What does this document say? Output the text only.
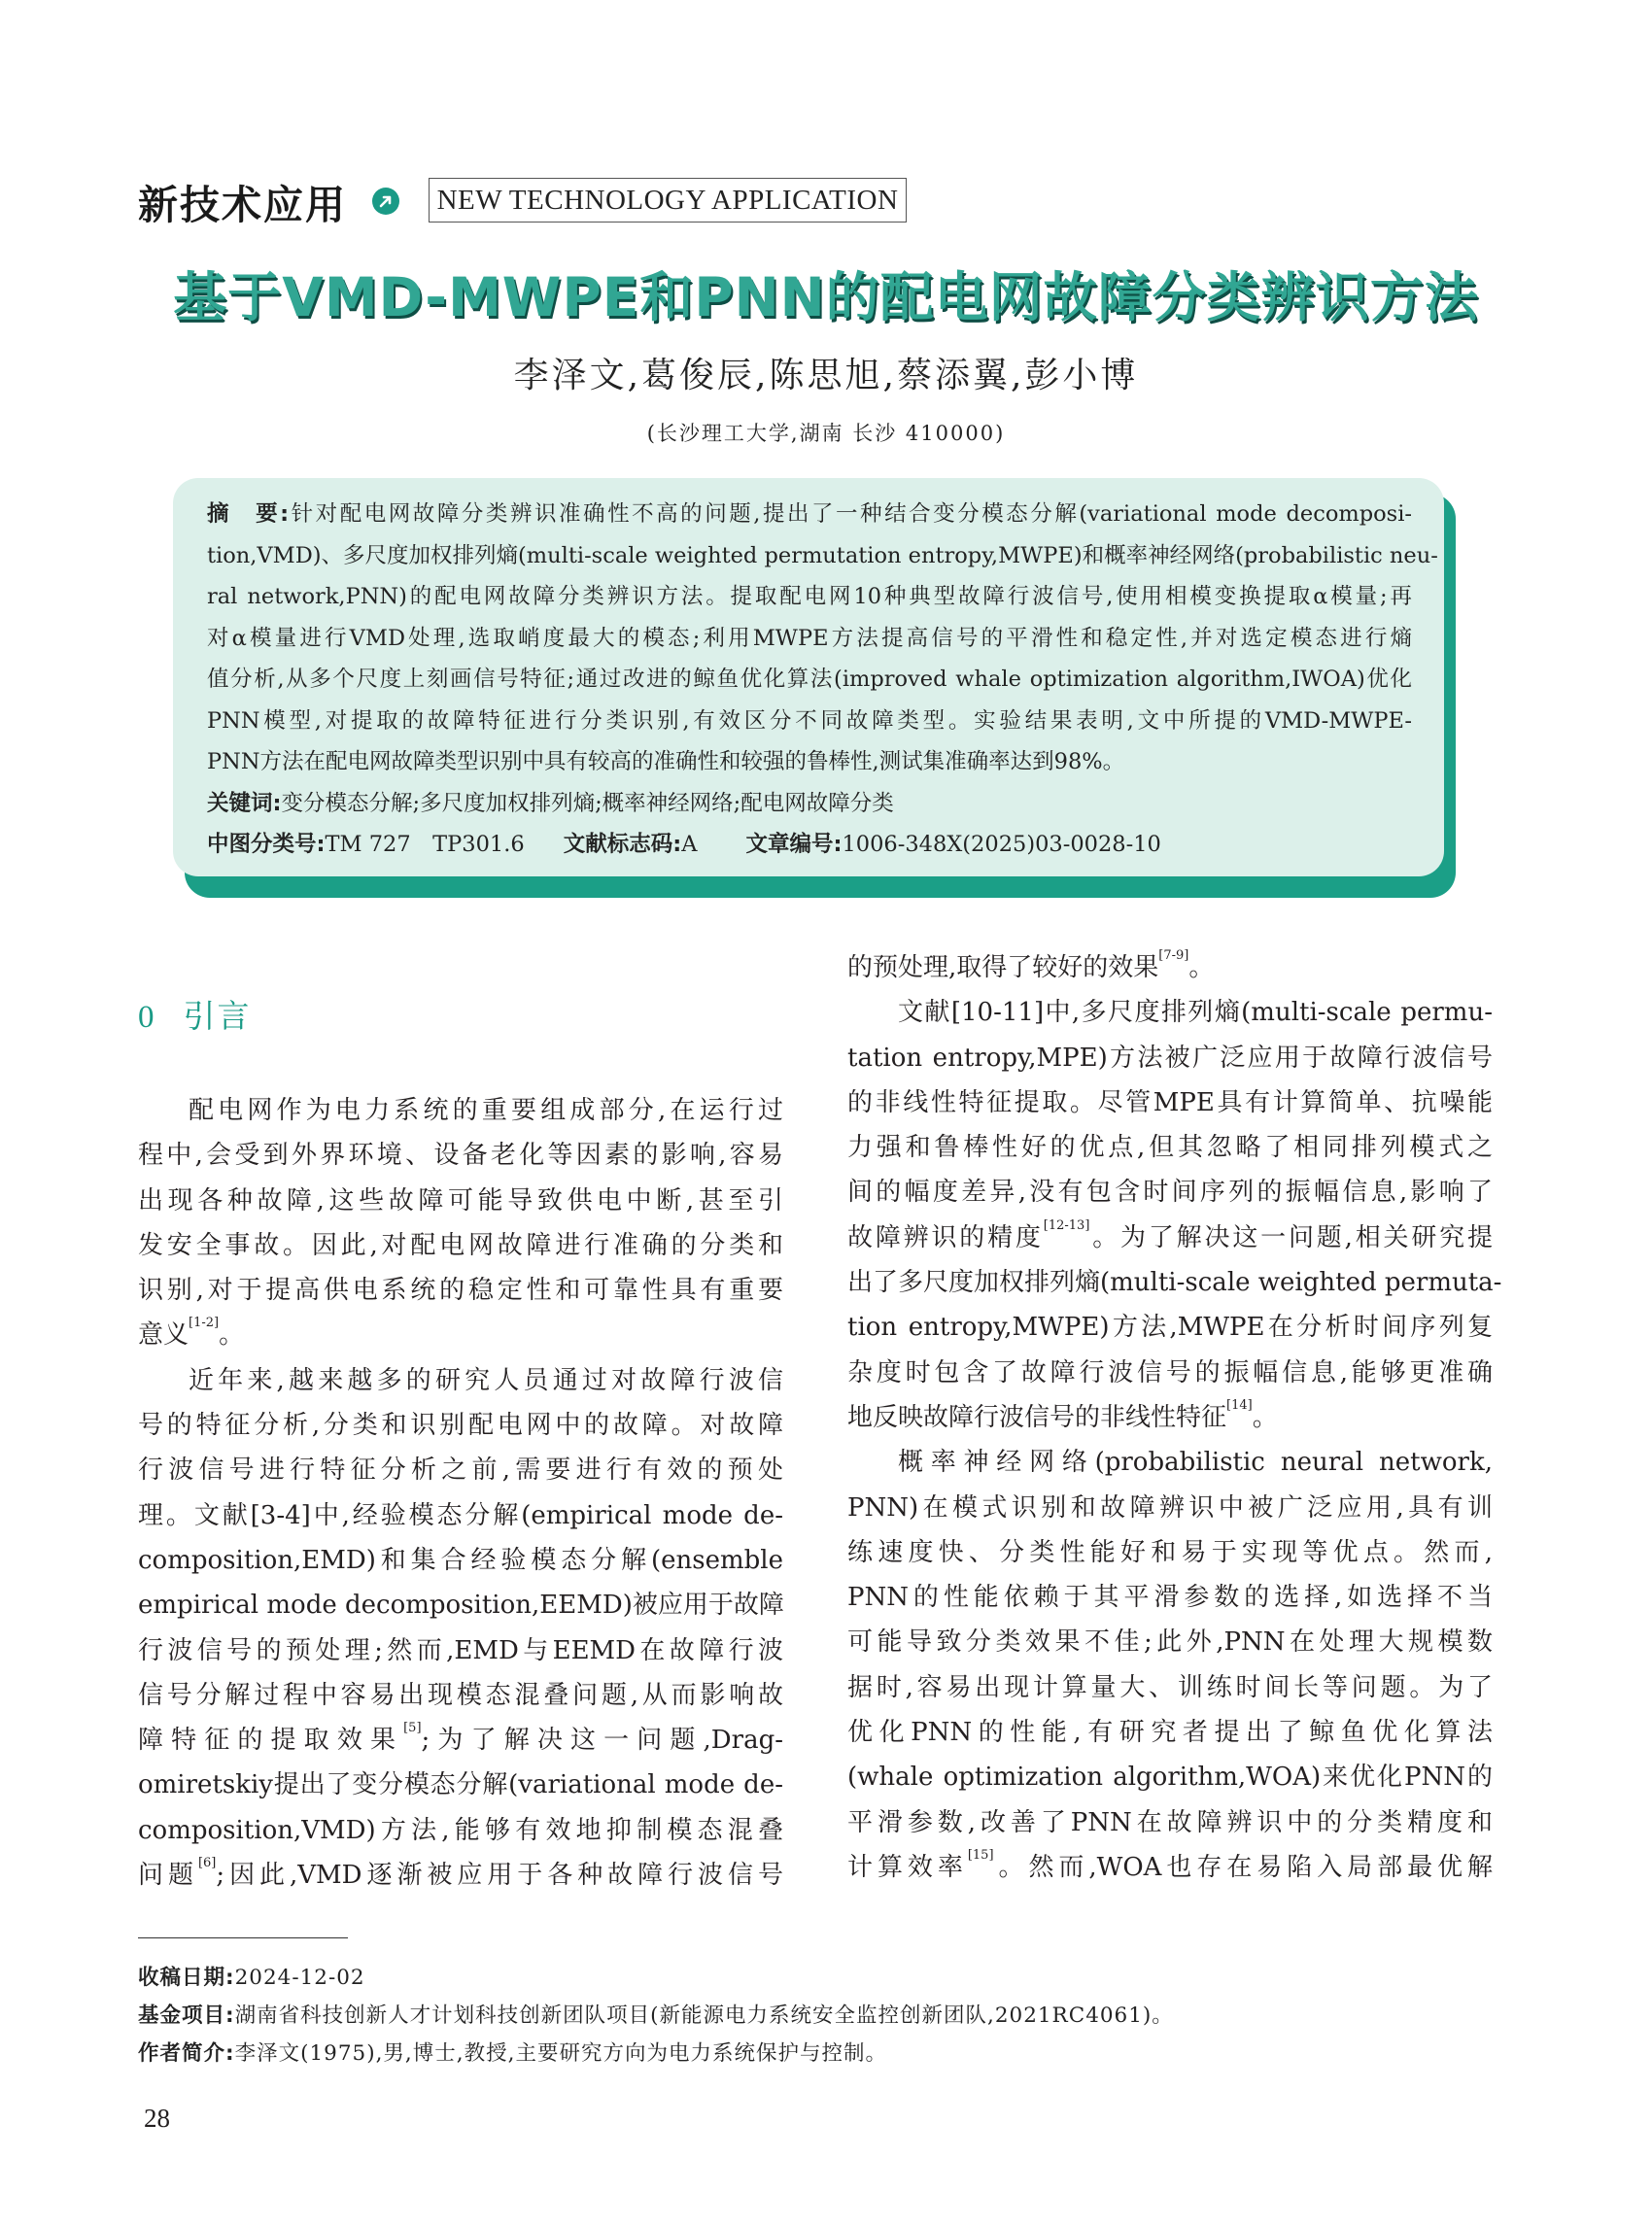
新技术应用	NEW TECHNOLOGY APPLICATION
基于VMD-MWPE和PNN的配电网故障分类辨识方法
李泽文,葛俊辰,陈思旭,蔡添翼,彭小博
(长沙理工大学,湖南 长沙 410000)
摘　要:针对配电网故障分类辨识准确性不高的问题,提出了一种结合变分模态分解(variational mode decomposi-
tion,VMD)、多尺度加权排列熵(multi-scale weighted permutation entropy,MWPE)和概率神经网络(probabilistic neu-
ral network,PNN)的配电网故障分类辨识方法。提取配电网10种典型故障行波信号,使用相模变换提取α模量;再
对α模量进行VMD处理,选取峭度最大的模态;利用MWPE方法提高信号的平滑性和稳定性,并对选定模态进行熵
值分析,从多个尺度上刻画信号特征;通过改进的鲸鱼优化算法(improved whale optimization algorithm,IWOA)优化
PNN模型,对提取的故障特征进行分类识别,有效区分不同故障类型。实验结果表明,文中所提的VMD-MWPE-
PNN方法在配电网故障类型识别中具有较高的准确性和较强的鲁棒性,测试集准确率达到98%。
关键词:变分模态分解;多尺度加权排列熵;概率神经网络;配电网故障分类
中图分类号:TM 727　TP301.6 文献标志码:A 文章编号:1006-348X(2025)03-0028-10
0 引言
配电网作为电力系统的重要组成部分,在运行过
程中,会受到外界环境、设备老化等因素的影响,容易
出现各种故障,这些故障可能导致供电中断,甚至引
发安全事故。因此,对配电网故障进行准确的分类和
识别,对于提高供电系统的稳定性和可靠性具有重要
意义[1-2]。
近年来,越来越多的研究人员通过对故障行波信
号的特征分析,分类和识别配电网中的故障。对故障
行波信号进行特征分析之前,需要进行有效的预处
理。文献[3-4]中,经验模态分解(empirical mode de-
composition,EMD)和集合经验模态分解(ensemble
empirical mode decomposition,EEMD)被应用于故障
行波信号的预处理;然而,EMD与EEMD在故障行波
信号分解过程中容易出现模态混叠问题,从而影响故
障特征的提取效果[5];为了解决这一问题,Drag-
omiretskiy提出了变分模态分解(variational mode de-
composition,VMD)方法,能够有效地抑制模态混叠
问题[6];因此,VMD逐渐被应用于各种故障行波信号
的预处理,取得了较好的效果[7-9]。
文献[10-11]中,多尺度排列熵(multi-scale permu-
tation entropy,MPE)方法被广泛应用于故障行波信号
的非线性特征提取。尽管MPE具有计算简单、抗噪能
力强和鲁棒性好的优点,但其忽略了相同排列模式之
间的幅度差异,没有包含时间序列的振幅信息,影响了
故障辨识的精度[12-13]。为了解决这一问题,相关研究提
出了多尺度加权排列熵(multi-scale weighted permuta-
tion entropy,MWPE)方法,MWPE在分析时间序列复
杂度时包含了故障行波信号的振幅信息,能够更准确
地反映故障行波信号的非线性特征[14]。
概率神经网络(probabilistic neural network,
PNN)在模式识别和故障辨识中被广泛应用,具有训
练速度快、分类性能好和易于实现等优点。然而,
PNN的性能依赖于其平滑参数的选择,如选择不当
可能导致分类效果不佳;此外,PNN在处理大规模数
据时,容易出现计算量大、训练时间长等问题。为了
优化PNN的性能,有研究者提出了鲸鱼优化算法
(whale optimization algorithm,WOA)来优化PNN的
平滑参数,改善了PNN在故障辨识中的分类精度和
计算效率[15]。然而,WOA也存在易陷入局部最优解
收稿日期:2024-12-02
基金项目:湖南省科技创新人才计划科技创新团队项目(新能源电力系统安全监控创新团队,2021RC4061)。
作者简介:李泽文(1975),男,博士,教授,主要研究方向为电力系统保护与控制。
28
